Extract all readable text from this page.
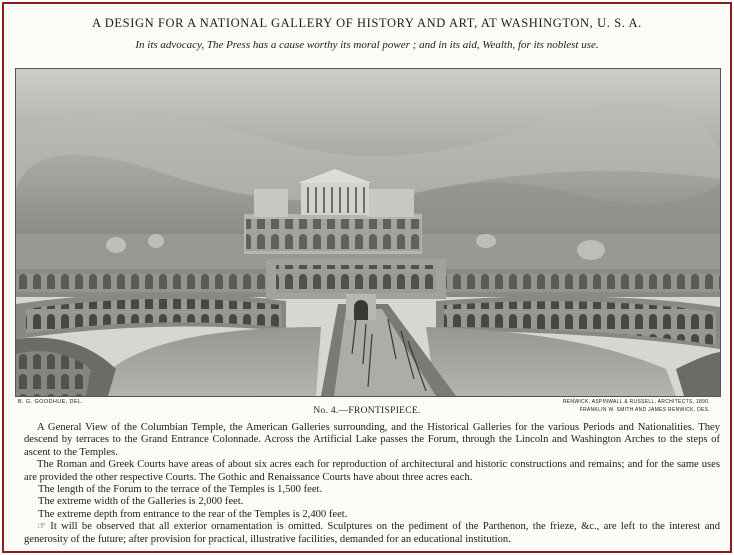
A DESIGN FOR A NATIONAL GALLERY OF HISTORY AND ART, AT WASHINGTON, U. S. A.
In its advocacy, The Press has a cause worthy its moral power ; and in its aid, Wealth, for its noblest use.
B. G. GOODHUE, DEL.	RENWICK, ASPINWALL & RUSSELL, ARCHITECTS, 1890.
FRANKLIN W. SMITH AND JAMES RENWICK, DES.
No. 4.—FRONTISPIECE.

A General View of the Columbian Temple, the American Galleries surrounding, and the Historical Galleries for the various Periods and Nationalities. They descend by terraces to the Grand Entrance Colonnade. Across the Artificial Lake passes the Forum, through the Lincoln and Washington Arches to the steps of ascent to the Temples.

The Roman and Greek Courts have areas of about six acres each for reproduction of architectural and historic constructions and remains; and for the same uses are provided the other respective Courts. The Gothic and Renaissance Courts have about three acres each.

The length of the Forum to the terrace of the Temples is 1,500 feet.

The extreme width of the Galleries is 2,000 feet.

The extreme depth from entrance to the rear of the Temples is 2,400 feet.

☞ It will be observed that all exterior ornamentation is omitted. Sculptures on the pediment of the Parthenon, the frieze, &c., are left to the interest and generosity of the future; after provision for practical, illustrative facilities, demanded for an educational institution.
